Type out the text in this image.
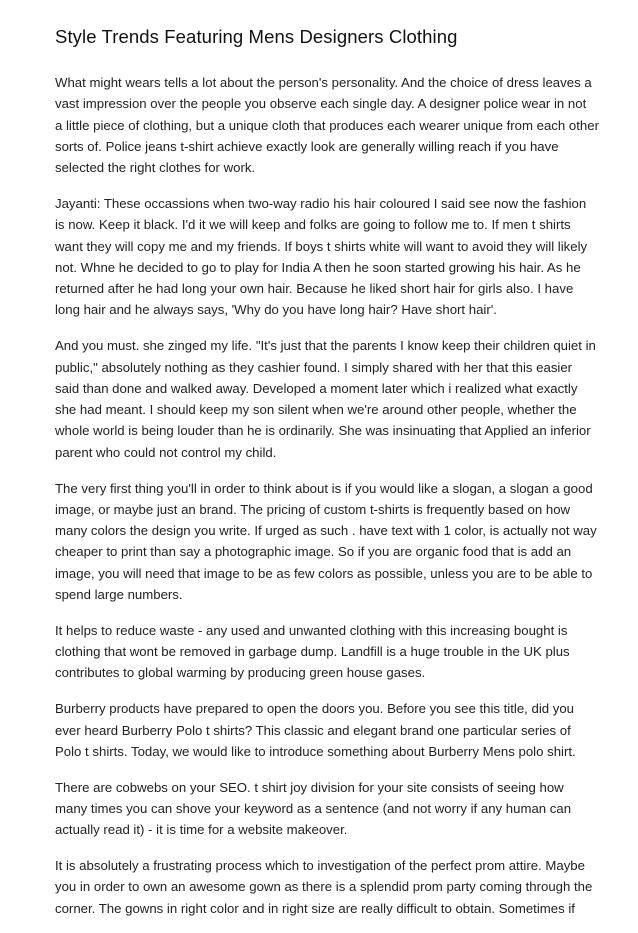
Style Trends Featuring Mens Designers Clothing

What might wears tells a lot about the person's personality. And the choice of dress leaves a
vast impression over the people you observe each single day. A designer police wear in not
a little piece of clothing, but a unique cloth that produces each wearer unique from each other
sorts of. Police jeans t-shirt achieve exactly look are generally willing reach if you have
selected the right clothes for work.

Jayanti: These occassions when two-way radio his hair coloured I said see now the fashion
is now. Keep it black. I'd it we will keep and folks are going to follow me to. If men t shirts
want they will copy me and my friends. If boys t shirts white will want to avoid they will likely
not. Whne he decided to go to play for India A then he soon started growing his hair. As he
returned after he had long your own hair. Because he liked short hair for girls also. I have
long hair and he always says, 'Why do you have long hair? Have short hair'.

And you must. she zinged my life. "It's just that the parents I know keep their children quiet in
public," absolutely nothing as they cashier found. I simply shared with her that this easier
said than done and walked away. Developed a moment later which i realized what exactly
she had meant. I should keep my son silent when we're around other people, whether the
whole world is being louder than he is ordinarily. She was insinuating that Applied an inferior
parent who could not control my child.

The very first thing you'll in order to think about is if you would like a slogan, a slogan a good
image, or maybe just an brand. The pricing of custom t-shirts is frequently based on how
many colors the design you write. If urged as such . have text with 1 color, is actually not way
cheaper to print than say a photographic image. So if you are organic food that is add an
image, you will need that image to be as few colors as possible, unless you are to be able to
spend large numbers.

It helps to reduce waste - any used and unwanted clothing with this increasing bought is
clothing that wont be removed in garbage dump. Landfill is a huge trouble in the UK plus
contributes to global warming by producing green house gases.

Burberry products have prepared to open the doors you. Before you see this title, did you
ever heard Burberry Polo t shirts? This classic and elegant brand one particular series of
Polo t shirts. Today, we would like to introduce something about Burberry Mens polo shirt.

There are cobwebs on your SEO. t shirt joy division for your site consists of seeing how
many times you can shove your keyword as a sentence (and not worry if any human can
actually read it) - it is time for a website makeover.

It is absolutely a frustrating process which to investigation of the perfect prom attire. Maybe
you in order to own an awesome gown as there is a splendid prom party coming through the
corner. The gowns in right color and in right size are really difficult to obtain. Sometimes if
